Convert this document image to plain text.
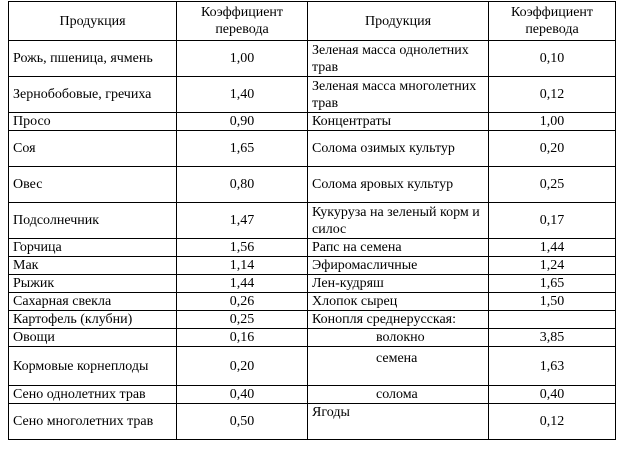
Продукция	Коэффициент перевода	Продукция	Коэффициент перевода
Рожь, пшеница, ячмень	1,00	Зеленая масса однолетних трав	0,10
Зернобобовые, гречиха	1,40	Зеленая масса многолетних трав	0,12
Просо	0,90	Концентраты	1,00
Соя	1,65	Солома озимых культур	0,20
Овес	0,80	Солома яровых культур	0,25
Подсолнечник	1,47	Кукуруза на зеленый корм и силос	0,17
Горчица	1,56	Рапс на семена	1,44
Мак	1,14	Эфиромасличные	1,24
Рыжик	1,44	Лен-кудряш	1,65
Сахарная свекла	0,26	Хлопок сырец	1,50
Картофель (клубни)	0,25	Конопля среднерусская:	
Овощи	0,16	волокно	3,85
Кормовые корнеплоды	0,20	семена	1,63
Сено однолетних трав	0,40	солома	0,40
Сено многолетних трав	0,50	Ягоды	0,12
